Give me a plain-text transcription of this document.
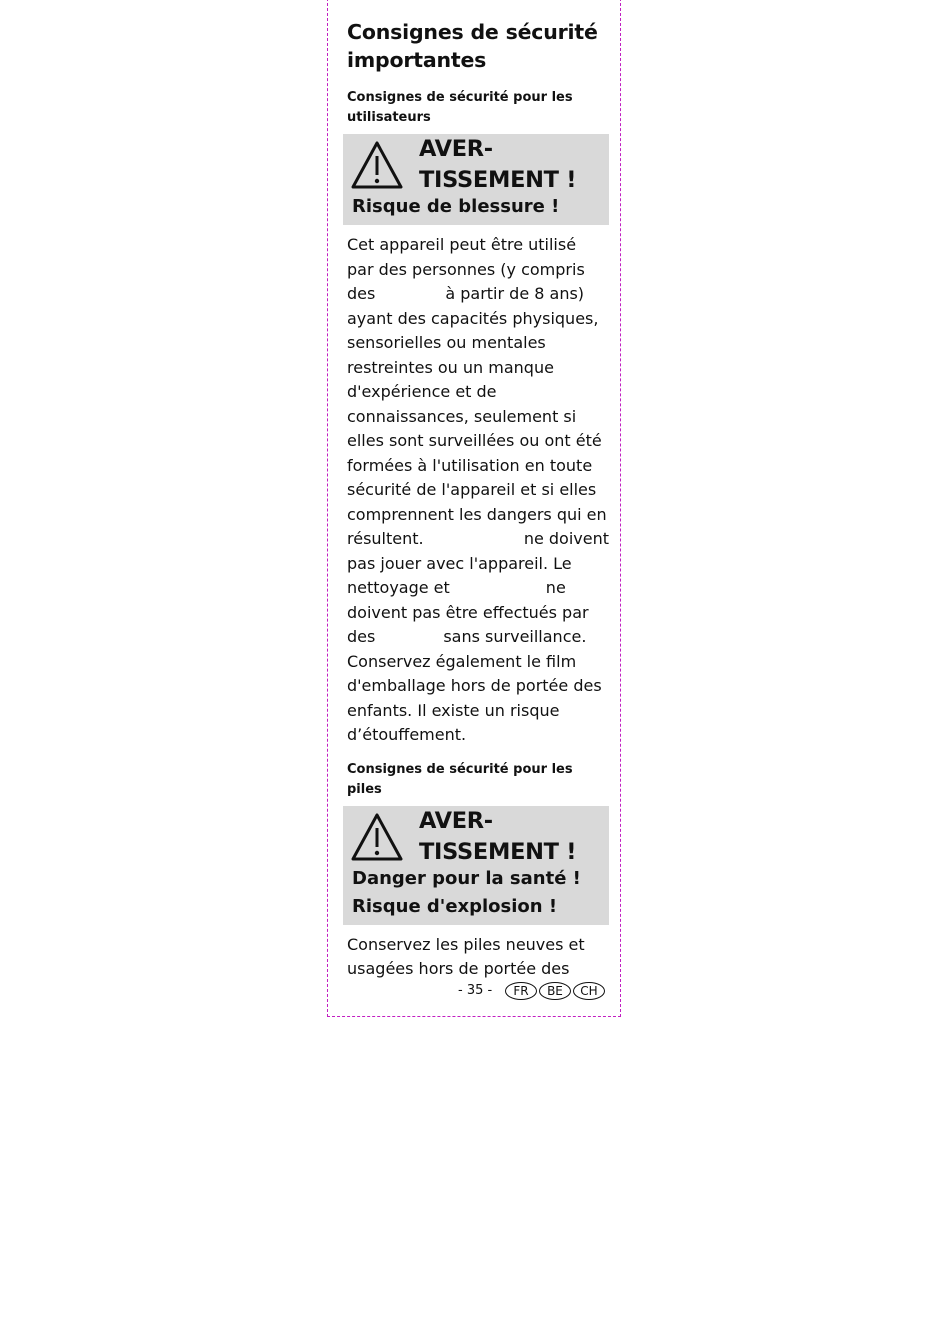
Consignes de sécurité importantes
Consignes de sécurité pour les utilisateurs
AVER-
TISSEMENT !
Risque de blessure !
Cet appareil peut être utilisé
par des personnes (y compris
des	à partir de 8 ans)
ayant des capacités physiques,
sensorielles ou mentales
restreintes ou un manque
d'expérience et de
connaissances, seulement si
elles sont surveillées ou ont été
formées à l'utilisation en toute
sécurité de l'appareil et si elles
comprennent les dangers qui en
résultent.	ne doivent
pas jouer avec l'appareil. Le
nettoyage et	ne
doivent pas être effectués par
des	sans surveillance.
Conservez également le film
d'emballage hors de portée des
enfants. Il existe un risque
d’étouffement.
Consignes de sécurité pour les piles
AVER-
TISSEMENT !
Danger pour la santé !
Risque d'explosion !
Conservez les piles neuves et
usagées hors de portée des
- 35 -	FR	BE	CH
